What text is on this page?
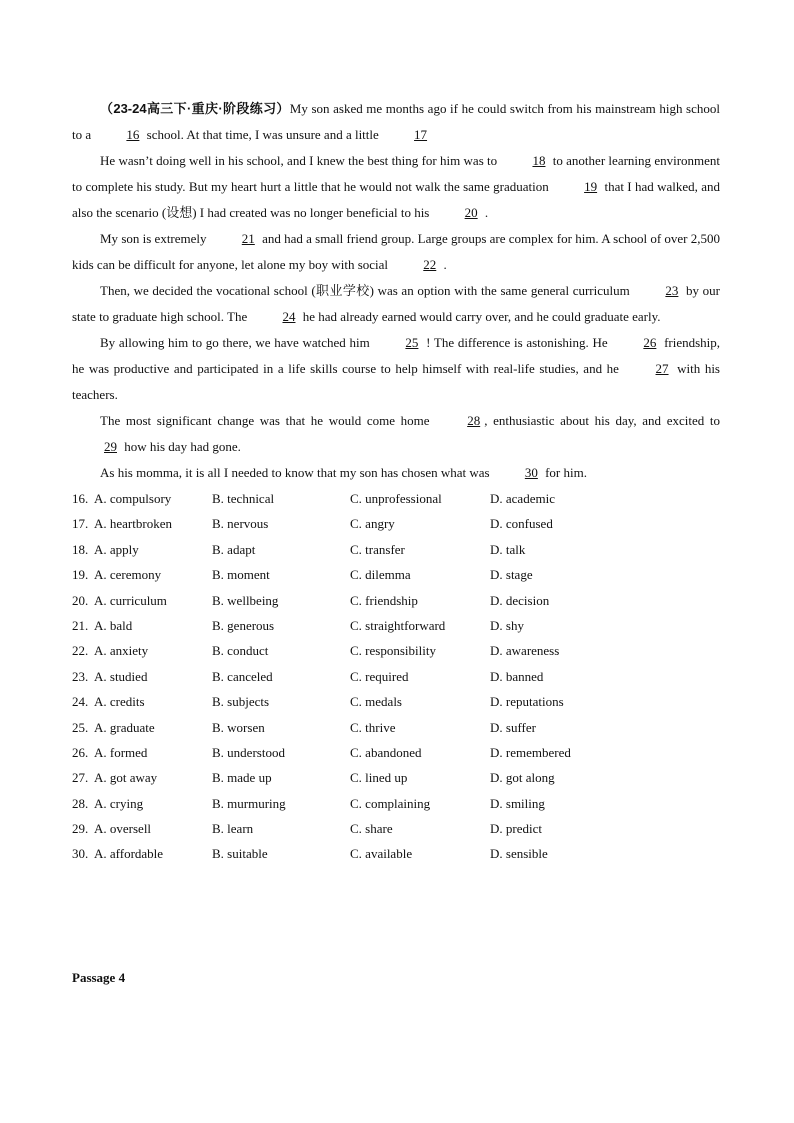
（23-24高三下·重庆·阶段练习）My son asked me months ago if he could switch from his mainstream high school to a	16 school. At that time, I was unsure and a little	17

He wasn’t doing well in his school, and I knew the best thing for him was to	18 to another learning environment to complete his study. But my heart hurt a little that he would not walk the same graduation	19 that I had walked, and also the scenario (设想) I had created was no longer beneficial to his	20 .

My son is extremely	21 and had a small friend group. Large groups are complex for him. A school of over 2,500 kids can be difficult for anyone, let alone my boy with social	22 .

Then, we decided the vocational school (职业学校) was an option with the same general curriculum	23 by our state to graduate high school. The	24 he had already earned would carry over, and he could graduate early.

By allowing him to go there, we have watched him	25 ! The difference is astonishing. He	26 friendship, he was productive and participated in a life skills course to help himself with real-life studies, and he	27 with his teachers.

The most significant change was that he would come home	28 , enthusiastic about his day, and excited to 29 how his day had gone.

As his momma, it is all I needed to know that my son has chosen what was	30 for him.

16. A. compulsory	B. technical	C. unprofessional	D. academic
17. A. heartbroken	B. nervous	C. angry	D. confused
18. A. apply	B. adapt	C. transfer	D. talk
19. A. ceremony	B. moment	C. dilemma	D. stage
20. A. curriculum	B. wellbeing	C. friendship	D. decision
21. A. bald	B. generous	C. straightforward	D. shy
22. A. anxiety	B. conduct	C. responsibility	D. awareness
23. A. studied	B. canceled	C. required	D. banned
24. A. credits	B. subjects	C. medals	D. reputations
25. A. graduate	B. worsen	C. thrive	D. suffer
26. A. formed	B. understood	C. abandoned	D. remembered
27. A. got away	B. made up	C. lined up	D. got along
28. A. crying	B. murmuring	C. complaining	D. smiling
29. A. oversell	B. learn	C. share	D. predict
30. A. affordable	B. suitable	C. available	D. sensible
Passage 4
